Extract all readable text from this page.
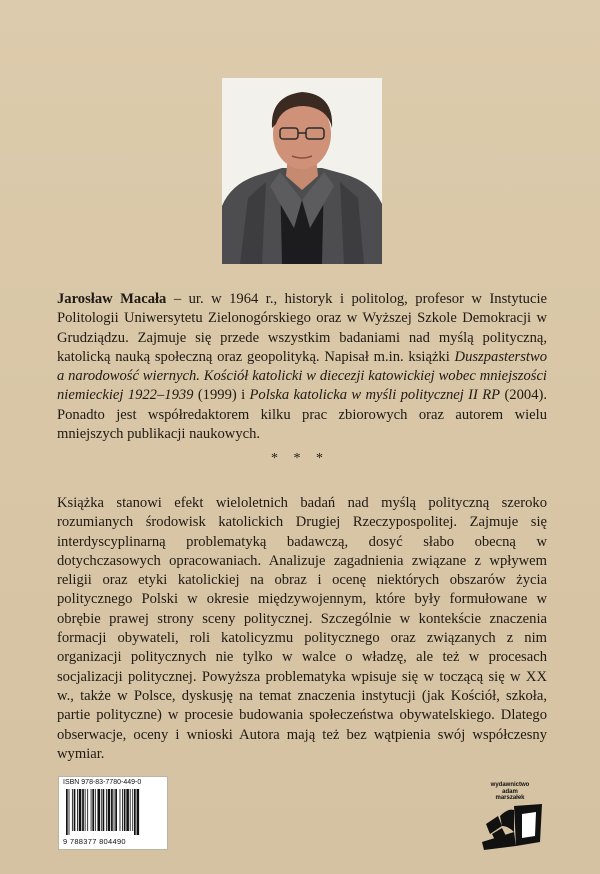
Jarosław Macała – ur. w 1964 r., historyk i politolog, profesor w Instytucie Politologii Uniwersytetu Zielonogórskiego oraz w Wyższej Szkole Demokracji w Grudziądzu. Zajmuje się przede wszystkim badaniami nad myślą polityczną, katolicką nauką społeczną oraz geopolityką. Napisał m.in. książki Duszpasterstwo a narodowość wiernych. Kościół katolicki w diecezji katowickiej wobec mniejszości niemieckiej 1922–1939 (1999) i Polska katolicka w myśli politycznej II RP (2004). Ponadto jest współredaktorem kilku prac zbiorowych oraz autorem wielu mniejszych publikacji naukowych.
* * *
Książka stanowi efekt wieloletnich badań nad myślą polityczną szeroko rozumianych środowisk katolickich Drugiej Rzeczypospolitej. Zajmuje się interdyscyplinarną problematyką badawczą, dosyć słabo obecną w dotychczasowych opracowaniach. Analizuje zagadnienia związane z wpływem religii oraz etyki katolickiej na obraz i ocenę niektórych obszarów życia politycznego Polski w okresie międzywojennym, które były formułowane w obrębie prawej strony sceny politycznej. Szczególnie w kontekście znaczenia formacji obywateli, roli katolicyzmu politycznego oraz związanych z nim organizacji politycznych nie tylko w walce o władzę, ale też w procesach socjalizacji politycznej. Powyższa problematyka wpisuje się w toczącą się w XX w., także w Polsce, dyskusję na temat znaczenia instytucji (jak Kościół, szkoła, partie polityczne) w procesie budowania społeczeństwa obywatelskiego. Dlatego obserwacje, oceny i wnioski Autora mają też bez wątpienia swój współczesny wymiar.
ISBN 978-83-7780-449-0
9 788377 804490
wydawnictwo
adam
marszałek
